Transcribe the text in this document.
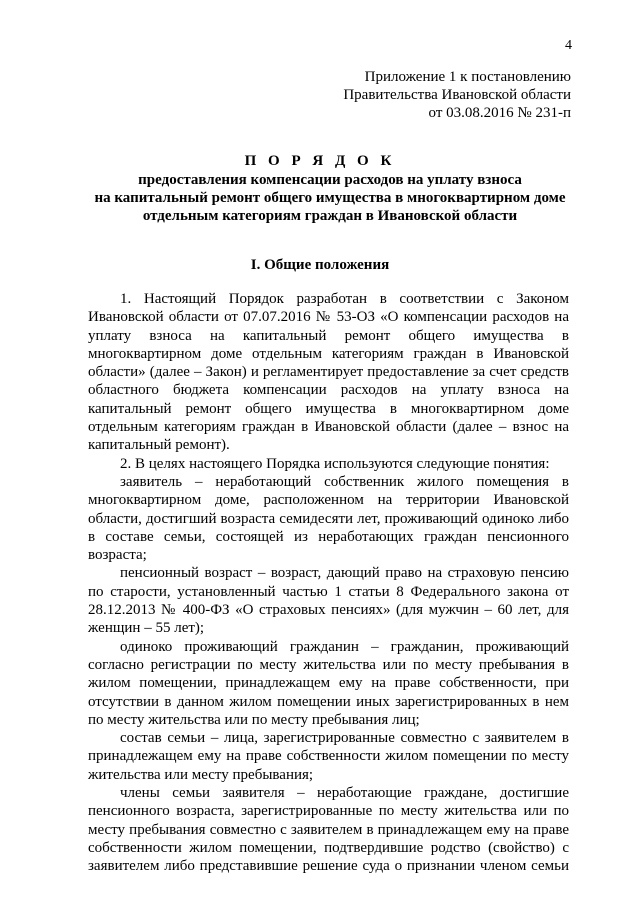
4
Приложение 1 к постановлению
Правительства Ивановской области
от 03.08.2016 № 231-п
П О Р Я Д О К
предоставления компенсации расходов на уплату взноса
на капитальный ремонт общего имущества в многоквартирном доме
отдельным категориям граждан в Ивановской области
I. Общие положения

1. Настоящий Порядок разработан в соответствии с Законом Ивановской области от 07.07.2016 № 53-ОЗ «О компенсации расходов на уплату взноса на капитальный ремонт общего имущества в многоквартирном доме отдельным категориям граждан в Ивановской области» (далее – Закон) и регламентирует предоставление за счет средств областного бюджета компенсации расходов на уплату взноса на капитальный ремонт общего имущества в многоквартирном доме отдельным категориям граждан в Ивановской области (далее – взнос на капитальный ремонт).

2. В целях настоящего Порядка используются следующие понятия:

заявитель – неработающий собственник жилого помещения в многоквартирном доме, расположенном на территории Ивановской области, достигший возраста семидесяти лет, проживающий одиноко либо в составе семьи, состоящей из неработающих граждан пенсионного возраста;

пенсионный возраст – возраст, дающий право на страховую пенсию по старости, установленный частью 1 статьи 8 Федерального закона от 28.12.2013 № 400-ФЗ «О страховых пенсиях» (для мужчин – 60 лет, для женщин – 55 лет);

одиноко проживающий гражданин – гражданин, проживающий согласно регистрации по месту жительства или по месту пребывания в жилом помещении, принадлежащем ему на праве собственности, при отсутствии в данном жилом помещении иных зарегистрированных в нем по месту жительства или по месту пребывания лиц;

состав семьи – лица, зарегистрированные совместно с заявителем в принадлежащем ему на праве собственности жилом помещении по месту жительства или месту пребывания;

члены семьи заявителя – неработающие граждане, достигшие пенсионного возраста, зарегистрированные по месту жительства или по месту пребывания совместно с заявителем в принадлежащем ему на праве собственности жилом помещении, подтвердившие родство (свойство) с заявителем либо представившие решение суда о признании членом семьи
